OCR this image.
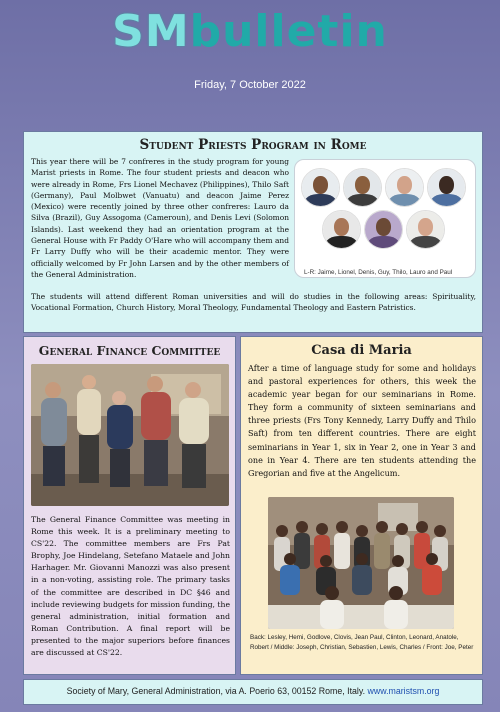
SMbulletin
Friday, 7 October 2022
Student Priests Program in Rome
This year there will be 7 confreres in the study program for young Marist priests in Rome. The four student priests and deacon who were already in Rome, Frs Lionel Mechavez (Philippines), Thilo Saft (Germany), Paul Molbwet (Vanuatu) and deacon Jaime Perez (Mexico) were recently joined by three other confreres: Lauro da Silva (Brazil), Guy Assogoma (Cameroun), and Denis Levi (Solomon Islands). Last weekend they had an orientation program at the General House with Fr Paddy O'Hare who will accompany them and Fr Larry Duffy who will be their academic mentor. They were officially welcomed by Fr John Larsen and by the other members of the General Administration.	L-R: Jaime, Lionel, Denis, Guy, Thilo, Lauro and Paul
The students will attend different Roman universities and will do studies in the following areas: Spirituality, Vocational Formation, Church History, Moral Theology, Fundamental Theology and Eastern Patristics.
General Finance Committee
The General Finance Committee was meeting in Rome this week. It is a preliminary meeting to CS'22. The committee members are Frs Pat Brophy, Joe Hindelang, Setefano Mataele and John Harhager. Mr. Giovanni Manozzi was also present in a non-voting, assisting role. The primary tasks of the committee are described in DC §46 and include reviewing budgets for mission funding, the general administration, initial formation and Roman Contribution. A final report will be presented to the major superiors before finances are discussed at CS'22.
Casa di Maria
After a time of language study for some and holidays and pastoral experiences for others, this week the academic year began for our seminarians in Rome. They form a community of sixteen seminarians and three priests (Frs Tony Kennedy, Larry Duffy and Thilo Saft) from ten different countries. There are eight seminarians in Year 1, six in Year 2, one in Year 3 and one in Year 4. There are ten students attending the Gregorian and five at the Angelicum.
Back: Lesley, Hemi, Godlove, Clovis, Jean Paul, Clinton, Leonard, Anatole, Robert / Middle: Joseph, Christian, Sebastien, Lewis, Charles / Front: Joe, Peter
Society of Mary, General Administration, via A. Poerio 63, 00152 Rome, Italy. www.maristsm.org
